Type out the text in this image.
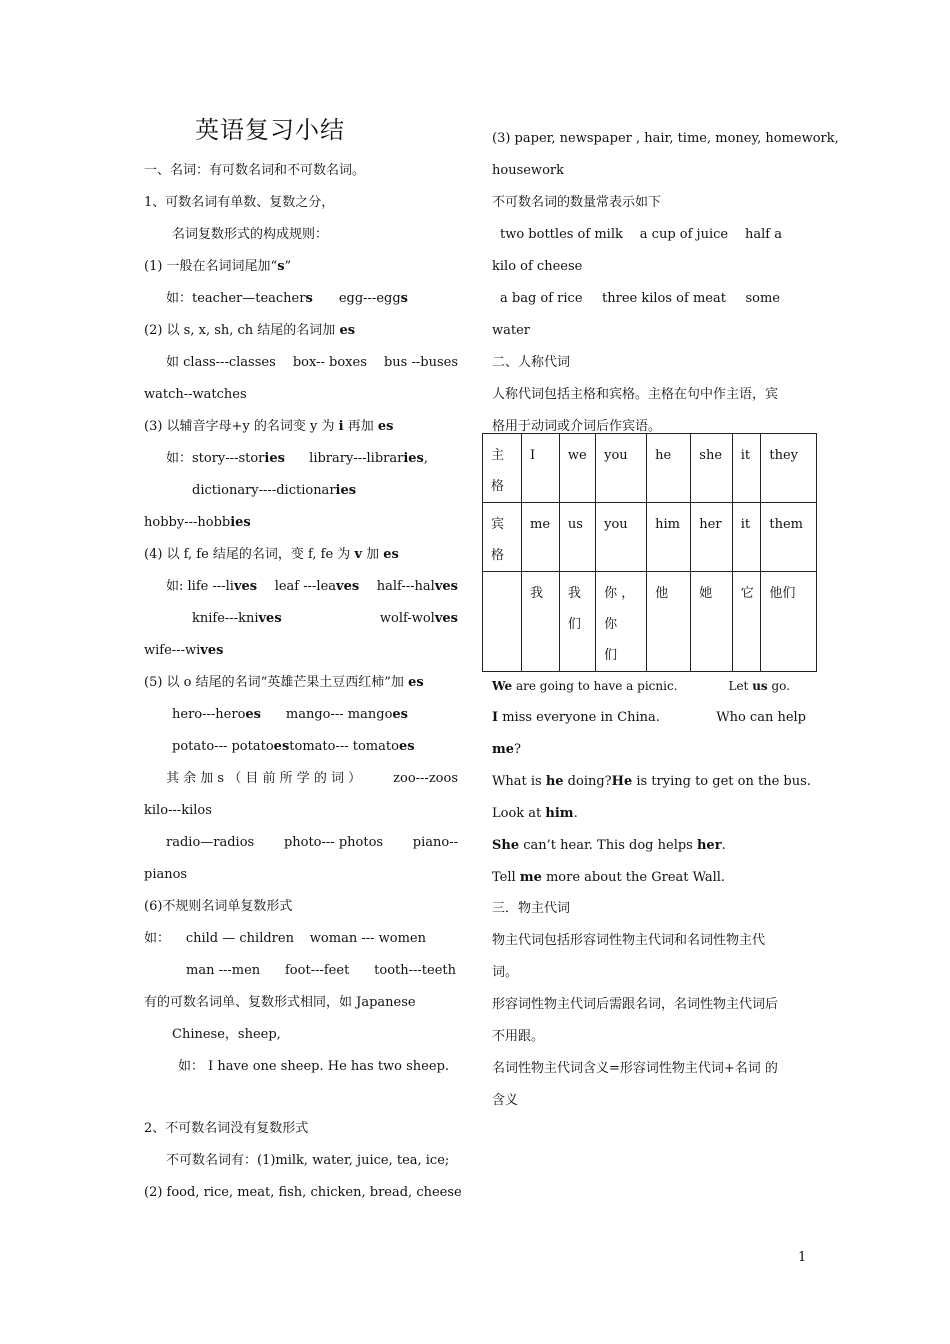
英语复习小结
一、名词：有可数名词和不可数名词。
1、可数名词有单数、复数之分，
名词复数形式的构成规则：
(1) 一般在名词词尾加“s”
如：teacher—teachers egg---eggs
(2) 以 s, x, sh, ch 结尾的名词加 es
如 class---classes box-- boxes bus --buses
watch--watches
(3) 以辅音字母+y 的名词变 y 为 i 再加 es
如：story---stories library---libraries,
dictionary----dictionaries
hobby---hobbies
(4) 以 f, fe 结尾的名词，变 f, fe 为 v 加 es
如: life ---lives leaf ---leaves half---halves
knife---knives	wolf-wolves
wife---wives
(5) 以 o 结尾的名词“英雄芒果土豆西红柿”加 es
hero---heroes mango--- mangoes
potato--- potatoes tomato--- tomatoes
其 余 加 s （ 目 前 所 学 的 词 ） zoo---zoos
kilo---kilos
radio—radios photo--- photos piano--
pianos
(6)不规则名词单复数形式
如： child — children woman --- women
man ---men foot---feet tooth---teeth
有的可数名词单、复数形式相同，如 Japanese
Chinese，sheep,
如： I have one sheep. He has two sheep.
2、不可数名词没有复数形式
不可数名词有：(1)milk, water, juice, tea, ice;
(2) food, rice, meat, fish, chicken, bread, cheese
(3) paper, newspaper , hair, time, money, homework,
housework
不可数名词的数量常表示如下
two bottles of milk a cup of juice half a
kilo of cheese
a bag of rice three kilos of meat some
water
二、人称代词
人称代词包括主格和宾格。主格在句中作主语，宾
格用于动词或介词后作宾语。
We are going to have a picnic.	Let us go.
I miss everyone in China.	Who can help
me?
What is he doing? He is trying to get on the bus.
Look at him.
She can’t hear. This dog helps her.
Tell me more about the Great Wall.
三．物主代词
物主代词包括形容词性物主代词和名词性物主代
词。
形容词性物主代词后需跟名词，名词性物主代词后
不用跟。
名词性物主代词含义=形容词性物主代词+名词 的
含义
主
格	I	we	you	he	she	it	they
宾
格	me	us	you	him	her	it	them
	我	我
们	你 ，
你
们	他	她	它	他们
1
